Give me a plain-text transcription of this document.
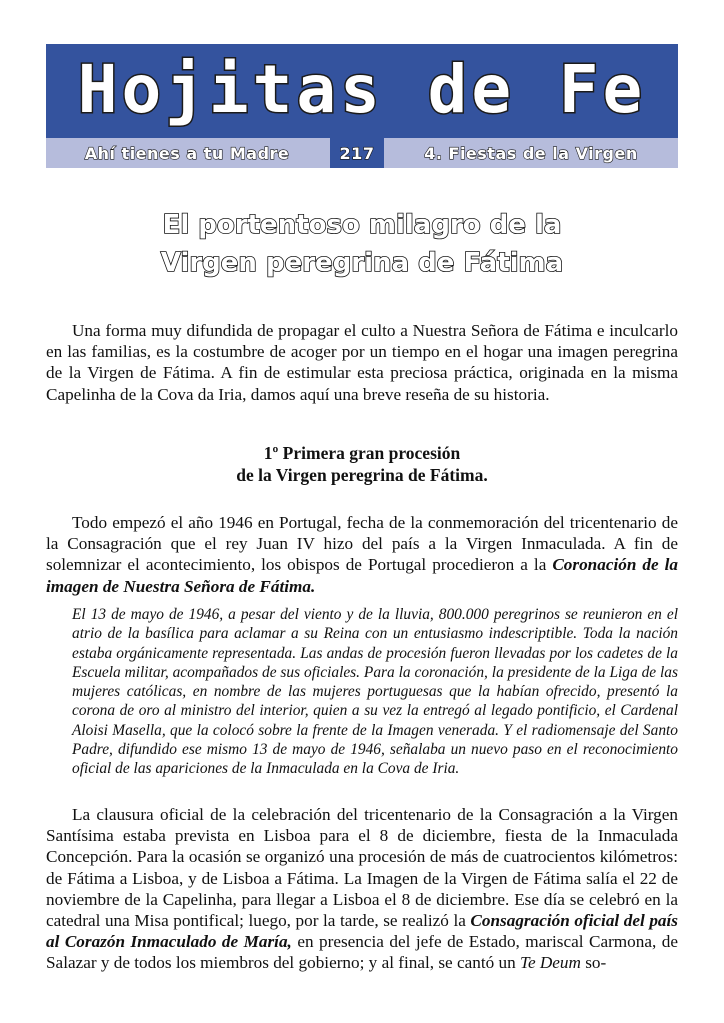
Hojitas de Fe
Ahí tienes a tu Madre	217	4. Fiestas de la Virgen
El portentoso milagro de la
Virgen peregrina de Fátima

Una forma muy difundida de propagar el culto a Nuestra Señora de Fátima e inculcarlo en las familias, es la costumbre de acoger por un tiempo en el hogar una imagen peregrina de la Virgen de Fátima. A fin de estimular esta preciosa práctica, originada en la misma Capelinha de la Cova da Iria, damos aquí una breve reseña de su historia.

1º Primera gran procesión
de la Virgen peregrina de Fátima.

Todo empezó el año 1946 en Portugal, fecha de la conmemoración del tricentenario de la Consagración que el rey Juan IV hizo del país a la Virgen Inmaculada. A fin de solemnizar el acontecimiento, los obispos de Portugal procedieron a la Coronación de la imagen de Nuestra Señora de Fátima.

El 13 de mayo de 1946, a pesar del viento y de la lluvia, 800.000 peregrinos se reunieron en el atrio de la basílica para aclamar a su Reina con un entusiasmo indescriptible. Toda la nación estaba orgánicamente representada. Las andas de procesión fueron llevadas por los cadetes de la Escuela militar, acompañados de sus oficiales. Para la coronación, la presidente de la Liga de las mujeres católicas, en nombre de las mujeres portuguesas que la habían ofrecido, presentó la corona de oro al ministro del interior, quien a su vez la entregó al legado pontificio, el Cardenal Aloisi Masella, que la colocó sobre la frente de la Imagen venerada. Y el radiomensaje del Santo Padre, difundido ese mismo 13 de mayo de 1946, señalaba un nuevo paso en el reconocimiento oficial de las apariciones de la Inmaculada en la Cova de Iria.

La clausura oficial de la celebración del tricentenario de la Consagración a la Virgen Santísima estaba prevista en Lisboa para el 8 de diciembre, fiesta de la Inmaculada Concepción. Para la ocasión se organizó una procesión de más de cuatrocientos kilómetros: de Fátima a Lisboa, y de Lisboa a Fátima. La Imagen de la Virgen de Fátima salía el 22 de noviembre de la Capelinha, para llegar a Lisboa el 8 de diciembre. Ese día se celebró en la catedral una Misa pontifical; luego, por la tarde, se realizó la Consagración oficial del país al Corazón Inmaculado de María, en presencia del jefe de Estado, mariscal Carmona, de Salazar y de todos los miembros del gobierno; y al final, se cantó un Te Deum so-
